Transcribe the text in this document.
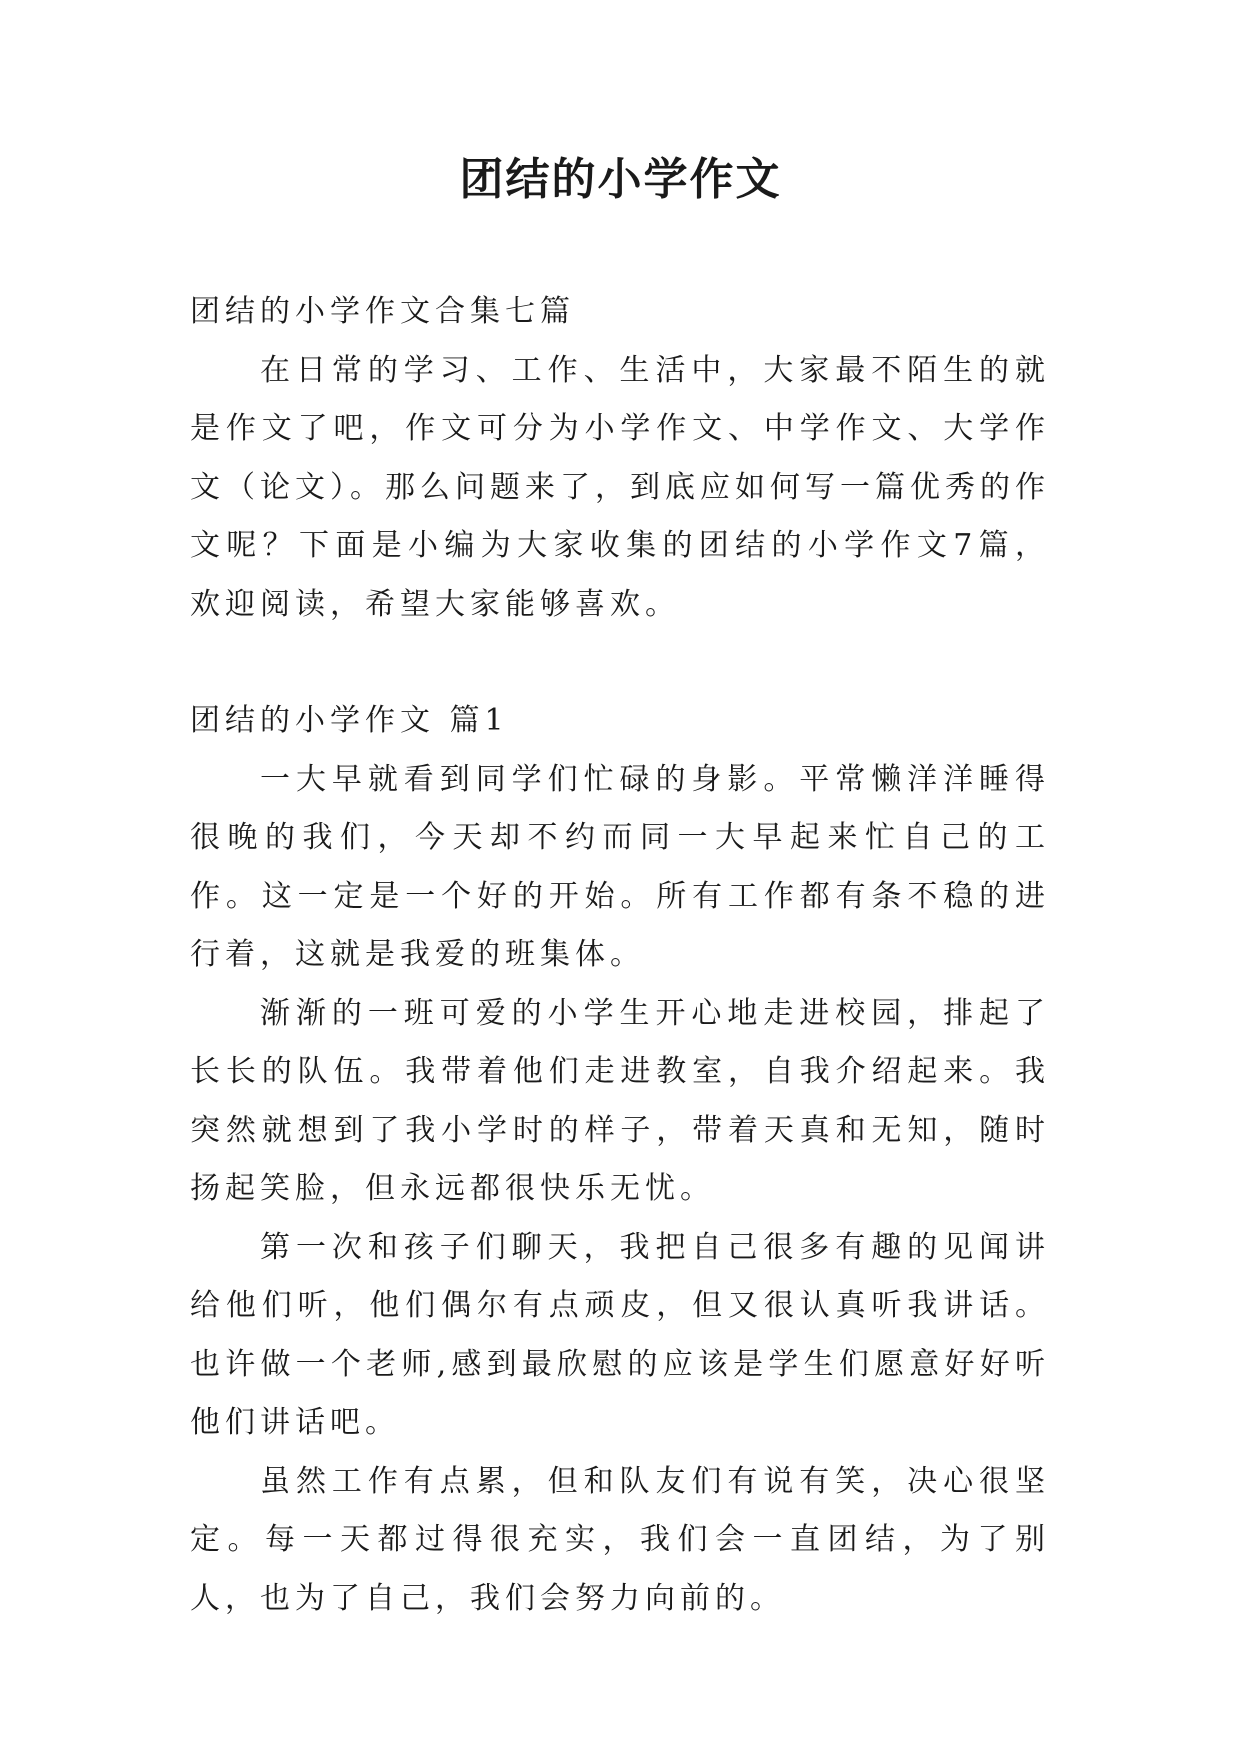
团结的小学作文

团结的小学作文合集七篇

在日常的学习、工作、生活中，大家最不陌生的就是作文了吧，作文可分为小学作文、中学作文、大学作文（论文）。那么问题来了，到底应如何写一篇优秀的作文呢？下面是小编为大家收集的团结的小学作文7篇，欢迎阅读，希望大家能够喜欢。

团结的小学作文 篇1

一大早就看到同学们忙碌的身影。平常懒洋洋睡得很晚的我们，今天却不约而同一大早起来忙自己的工作。这一定是一个好的开始。所有工作都有条不稳的进行着，这就是我爱的班集体。

渐渐的一班可爱的小学生开心地走进校园，排起了长长的队伍。我带着他们走进教室，自我介绍起来。我突然就想到了我小学时的样子，带着天真和无知，随时扬起笑脸，但永远都很快乐无忧。

第一次和孩子们聊天，我把自己很多有趣的见闻讲给他们听，他们偶尔有点顽皮，但又很认真听我讲话。也许做一个老师,感到最欣慰的应该是学生们愿意好好听他们讲话吧。

虽然工作有点累，但和队友们有说有笑，决心很坚定。每一天都过得很充实，我们会一直团结，为了别人，也为了自己，我们会努力向前的。
